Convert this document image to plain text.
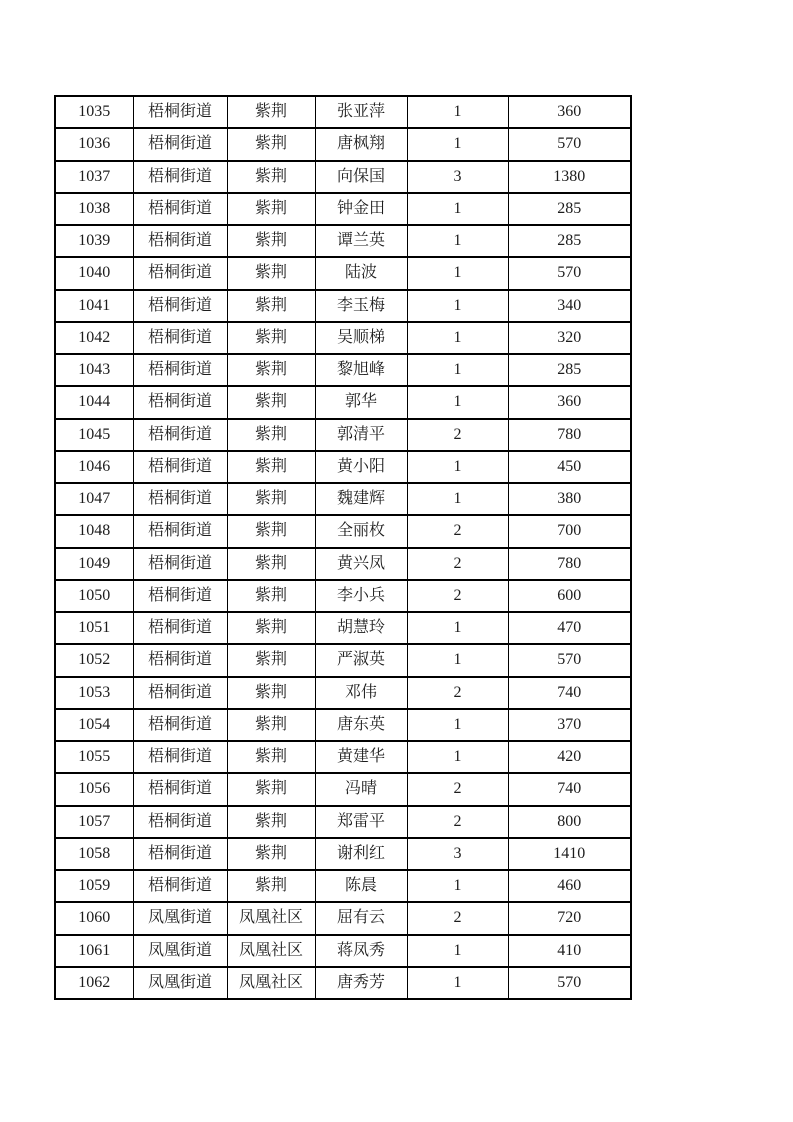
1035	梧桐街道	紫荆	张亚萍	1	360
1036	梧桐街道	紫荆	唐枫翔	1	570
1037	梧桐街道	紫荆	向保国	3	1380
1038	梧桐街道	紫荆	钟金田	1	285
1039	梧桐街道	紫荆	谭兰英	1	285
1040	梧桐街道	紫荆	陆波	1	570
1041	梧桐街道	紫荆	李玉梅	1	340
1042	梧桐街道	紫荆	吴顺梯	1	320
1043	梧桐街道	紫荆	黎旭峰	1	285
1044	梧桐街道	紫荆	郭华	1	360
1045	梧桐街道	紫荆	郭清平	2	780
1046	梧桐街道	紫荆	黄小阳	1	450
1047	梧桐街道	紫荆	魏建辉	1	380
1048	梧桐街道	紫荆	全丽枚	2	700
1049	梧桐街道	紫荆	黄兴凤	2	780
1050	梧桐街道	紫荆	李小兵	2	600
1051	梧桐街道	紫荆	胡慧玲	1	470
1052	梧桐街道	紫荆	严淑英	1	570
1053	梧桐街道	紫荆	邓伟	2	740
1054	梧桐街道	紫荆	唐东英	1	370
1055	梧桐街道	紫荆	黄建华	1	420
1056	梧桐街道	紫荆	冯晴	2	740
1057	梧桐街道	紫荆	郑雷平	2	800
1058	梧桐街道	紫荆	谢利红	3	1410
1059	梧桐街道	紫荆	陈晨	1	460
1060	凤凰街道	凤凰社区	屈有云	2	720
1061	凤凰街道	凤凰社区	蒋凤秀	1	410
1062	凤凰街道	凤凰社区	唐秀芳	1	570
